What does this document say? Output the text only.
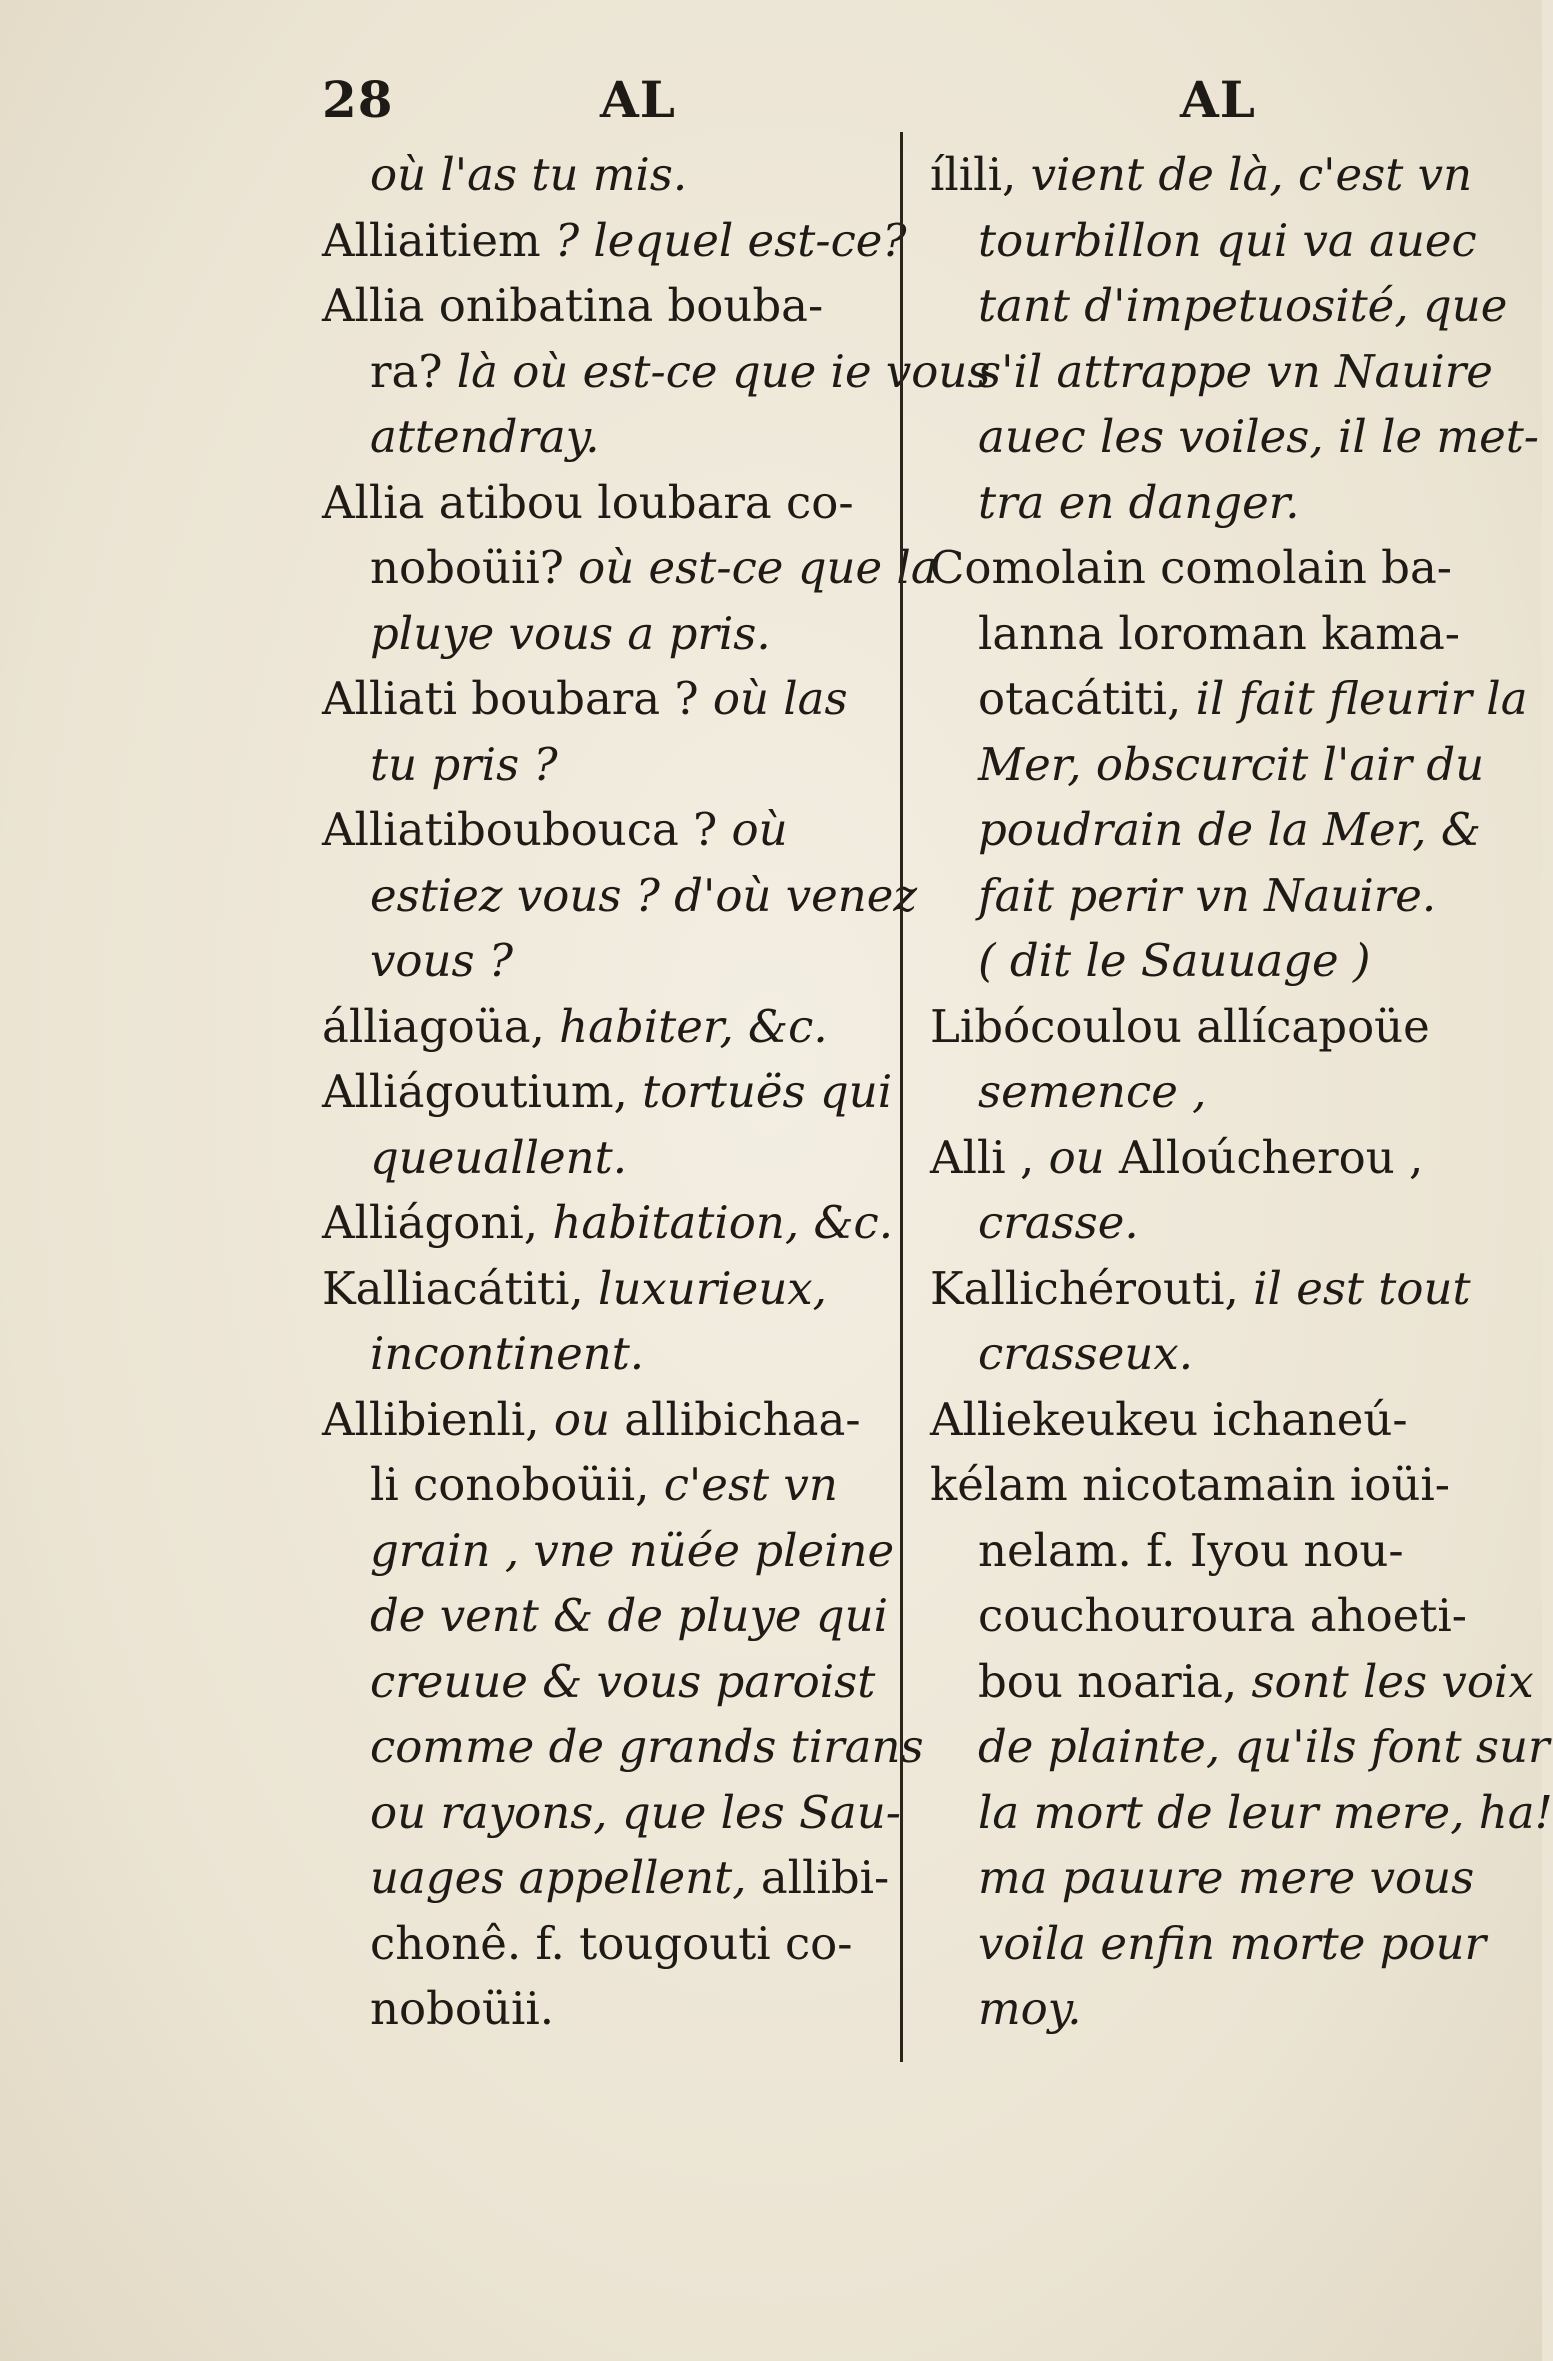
28	AL	AL
où l'as tu mis.
Alliaitiem ? lequel est-ce?
Allia onibatina bouba-
ra? là où est-ce que ie vous
attendray.
Allia atibou loubara co-
noboüii? où est-ce que la
pluye vous a pris.
Alliati boubara ? où las
tu pris ?
Alliatiboubouca ? où
estiez vous ? d'où venez
vous ?
álliagoüa, habiter, &c.
Alliágoutium, tortuës qui
queuallent.
Alliágoni, habitation, &c.
Kalliacátiti, luxurieux,
incontinent.
Allibienli, ou allibichaa-
li conoboüii, c'est vn
grain , vne nüée pleine
de vent & de pluye qui
creuue & vous paroist
comme de grands tirans
ou rayons, que les Sau-
uages appellent, allibi-
chonê. f. tougouti co-
noboüii.
ílili, vient de là, c'est vn
tourbillon qui va auec
tant d'impetuosité, que
s'il attrappe vn Nauire
auec les voiles, il le met-
tra en danger.
Comolain comolain ba-
lanna loroman kama-
otacátiti, il fait fleurir la
Mer, obscurcit l'air du
poudrain de la Mer, &
fait perir vn Nauire.
( dit le Sauuage )
Libócoulou allícapoüe
semence ,
Alli , ou Alloúcherou ,
crasse.
Kallichérouti, il est tout
crasseux.
Alliekeukeu ichaneú-
kélam nicotamain ioüi-
nelam. f. Iyou nou-
couchouroura ahoeti-
bou noaria, sont les voix
de plainte, qu'ils font sur
la mort de leur mere, ha!
ma pauure mere vous
voila enfin morte pour
moy.
